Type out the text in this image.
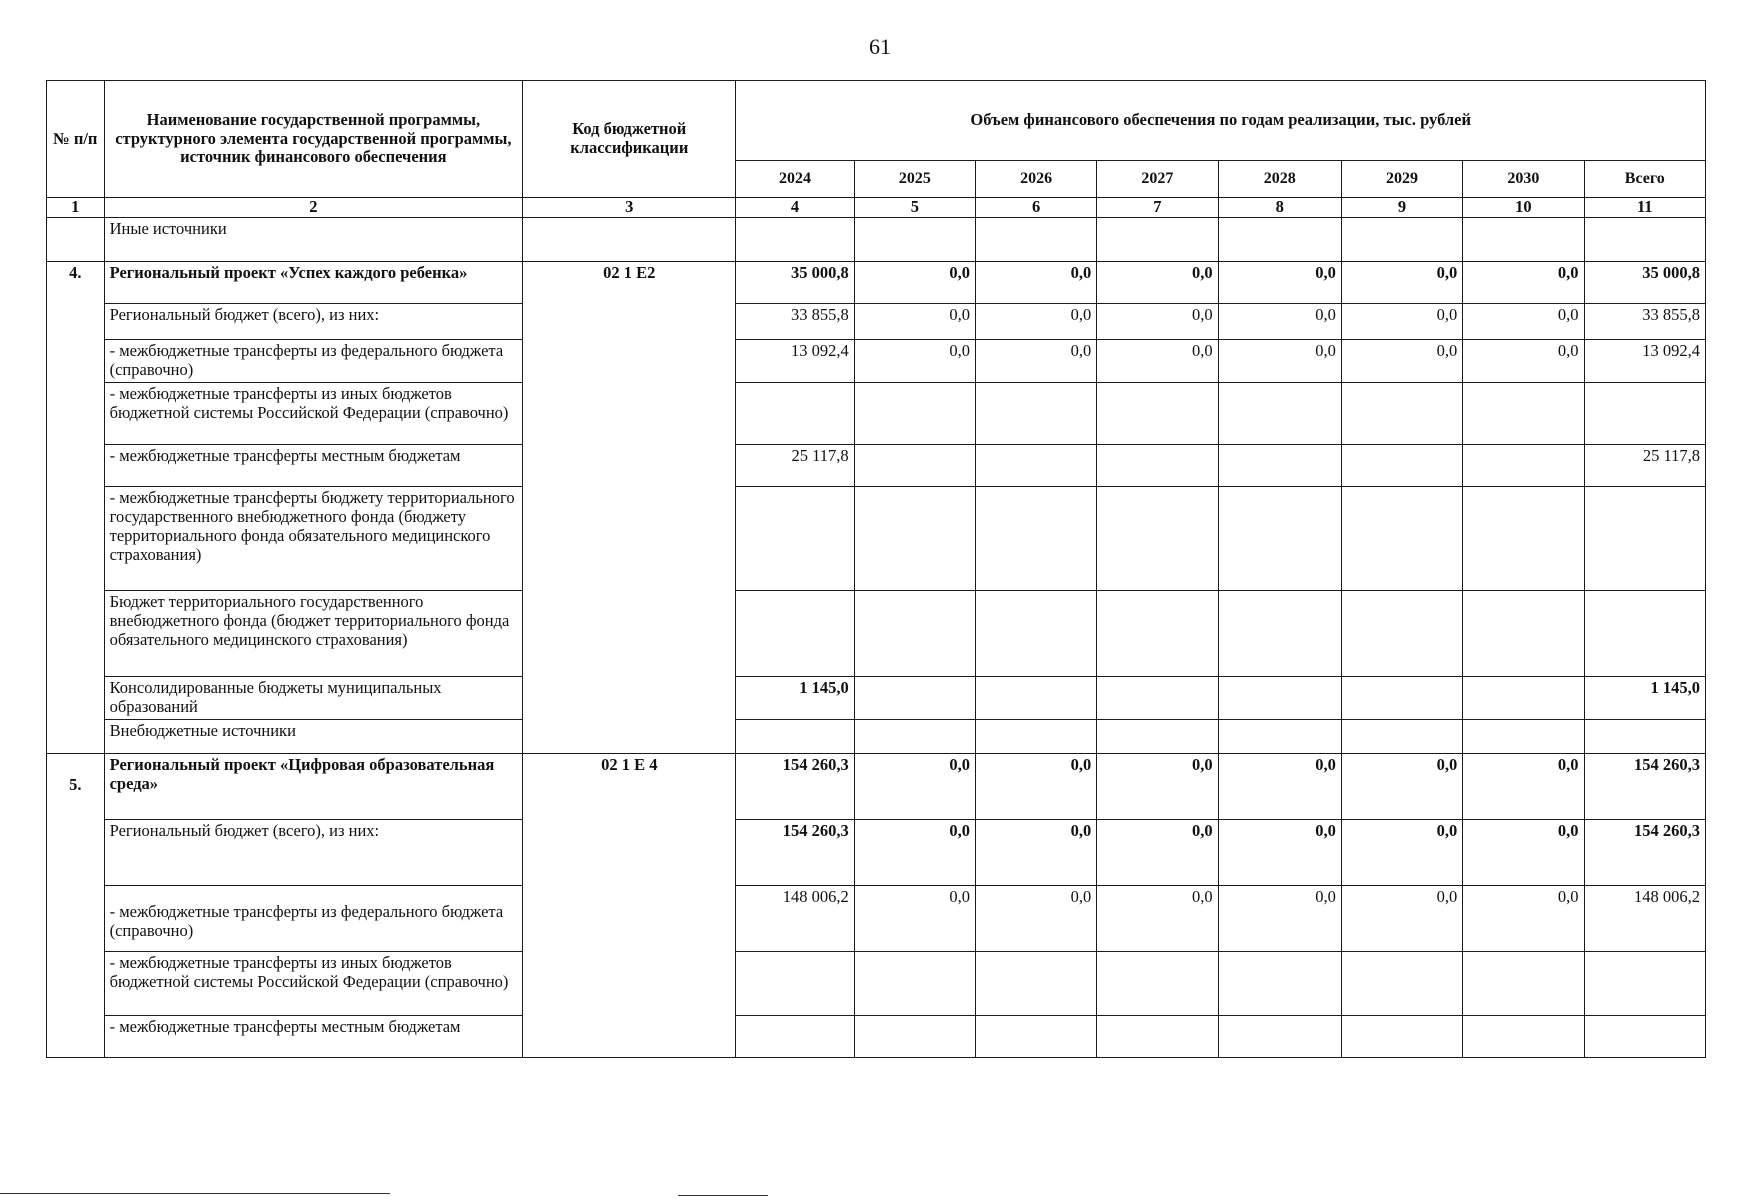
61
№ п/п	Наименование государственной программы, структурного элемента государственной программы, источник финансового обеспечения	Код бюджетной классификации	Объем финансового обеспечения по годам реализации, тыс. рублей							
			2024	2025	2026	2027	2028	2029	2030	Всего
1	2	3	4	5	6	7	8	9	10	11
	Иные источники									
4.	Региональный проект «Успех каждого ребенка»	02 1 Е2	35 000,8	0,0	0,0	0,0	0,0	0,0	0,0	35 000,8
	Региональный бюджет (всего), из них:		33 855,8	0,0	0,0	0,0	0,0	0,0	0,0	33 855,8
	- межбюджетные трансферты из федерального бюджета (справочно)		13 092,4	0,0	0,0	0,0	0,0	0,0	0,0	13 092,4
	- межбюджетные трансферты из иных бюджетов бюджетной системы Российской Федерации (справочно)									
	- межбюджетные трансферты местным бюджетам		25 117,8							25 117,8
	- межбюджетные трансферты бюджету территориального государственного внебюджетного фонда (бюджету территориального фонда обязательного медицинского страхования)									
	Бюджет территориального государственного внебюджетного фонда (бюджет территориального фонда обязательного медицинского страхования)									
	Консолидированные бюджеты муниципальных образований		1 145,0							1 145,0
	Внебюджетные источники									
5.	Региональный проект «Цифровая образовательная среда»	02 1 Е 4	154 260,3	0,0	0,0	0,0	0,0	0,0	0,0	154 260,3
	Региональный бюджет (всего), из них:		154 260,3	0,0	0,0	0,0	0,0	0,0	0,0	154 260,3
	- межбюджетные трансферты из федерального бюджета (справочно)		148 006,2	0,0	0,0	0,0	0,0	0,0	0,0	148 006,2
	- межбюджетные трансферты из иных бюджетов бюджетной системы Российской Федерации (справочно)									
	- межбюджетные трансферты местным бюджетам									
